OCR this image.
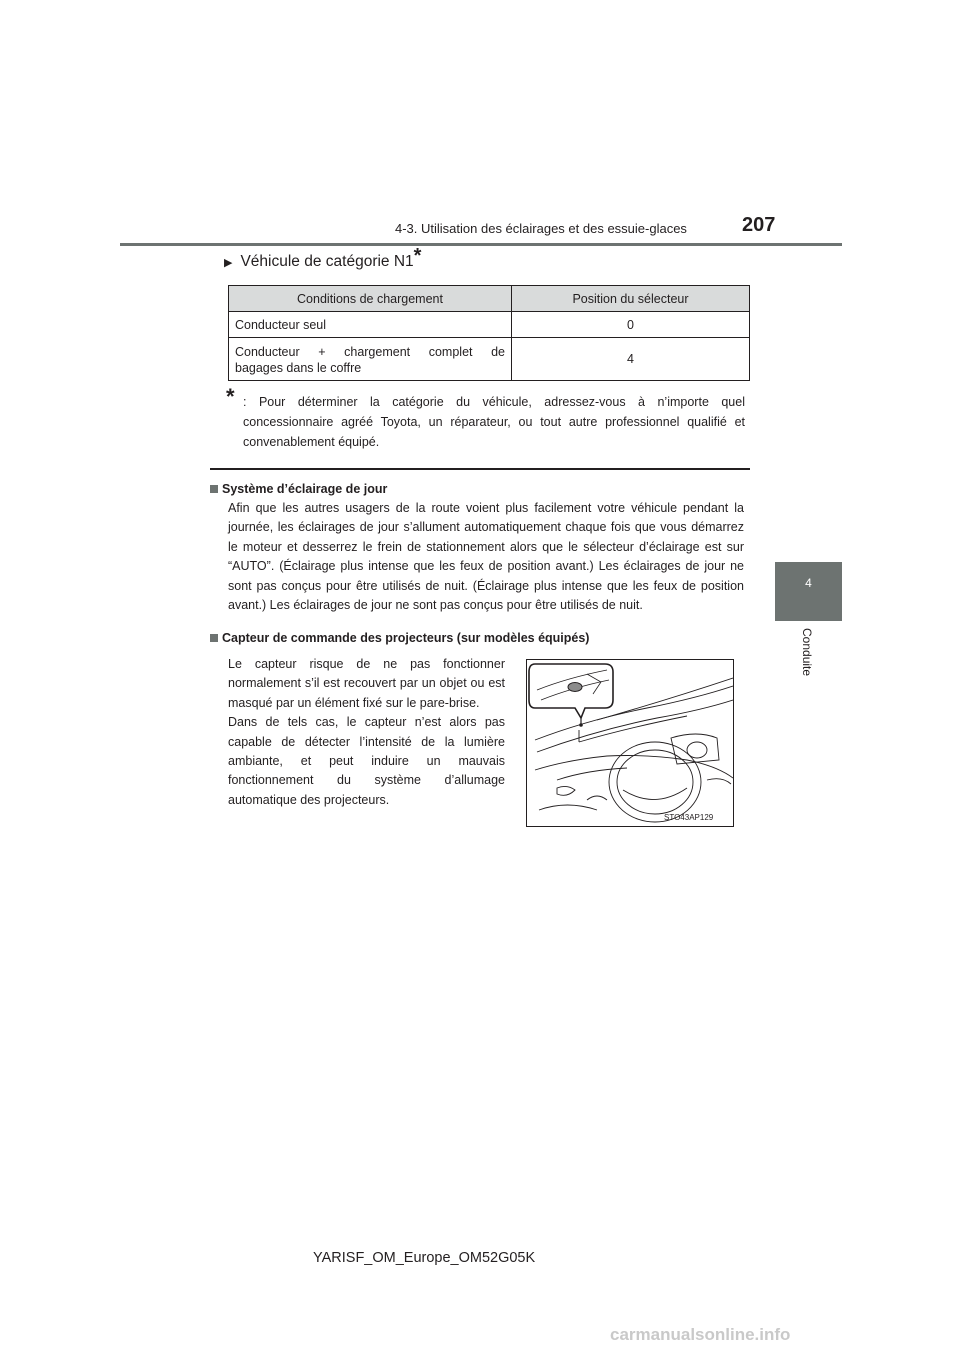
4-3. Utilisation des éclairages et des essuie-glaces	207
4
Conduite
▶ Véhicule de catégorie N1*
Conditions de chargement	Position du sélecteur
Conducteur seul	0

Conducteur + chargement complet de
bagages dans le coffre	4
* : Pour déterminer la catégorie du véhicule, adressez-vous à n’importe quel concessionnaire agréé Toyota, un réparateur, ou tout autre professionnel qualifié et convenablement équipé.
Système d’éclairage de jour
Afin que les autres usagers de la route voient plus facilement votre véhicule pendant la journée, les éclairages de jour s’allument automatiquement chaque fois que vous démarrez le moteur et desserrez le frein de stationnement alors que le sélecteur d’éclairage est sur “AUTO”. (Éclairage plus intense que les feux de position avant.) Les éclairages de jour ne sont pas conçus pour être utilisés de nuit. (Éclairage plus intense que les feux de position avant.) Les éclairages de jour ne sont pas conçus pour être utilisés de nuit.
Capteur de commande des projecteurs (sur modèles équipés)
Le capteur risque de ne pas fonctionner normalement s’il est recouvert par un objet ou est masqué par un élément fixé sur le pare-brise.
Dans de tels cas, le capteur n’est alors pas capable de détecter l’intensité de la lumière ambiante, et peut induire un mauvais fonctionnement du système d’allumage automatique des projecteurs.
STO43AP129
YARISF_OM_Europe_OM52G05K
carmanualsonline.info
